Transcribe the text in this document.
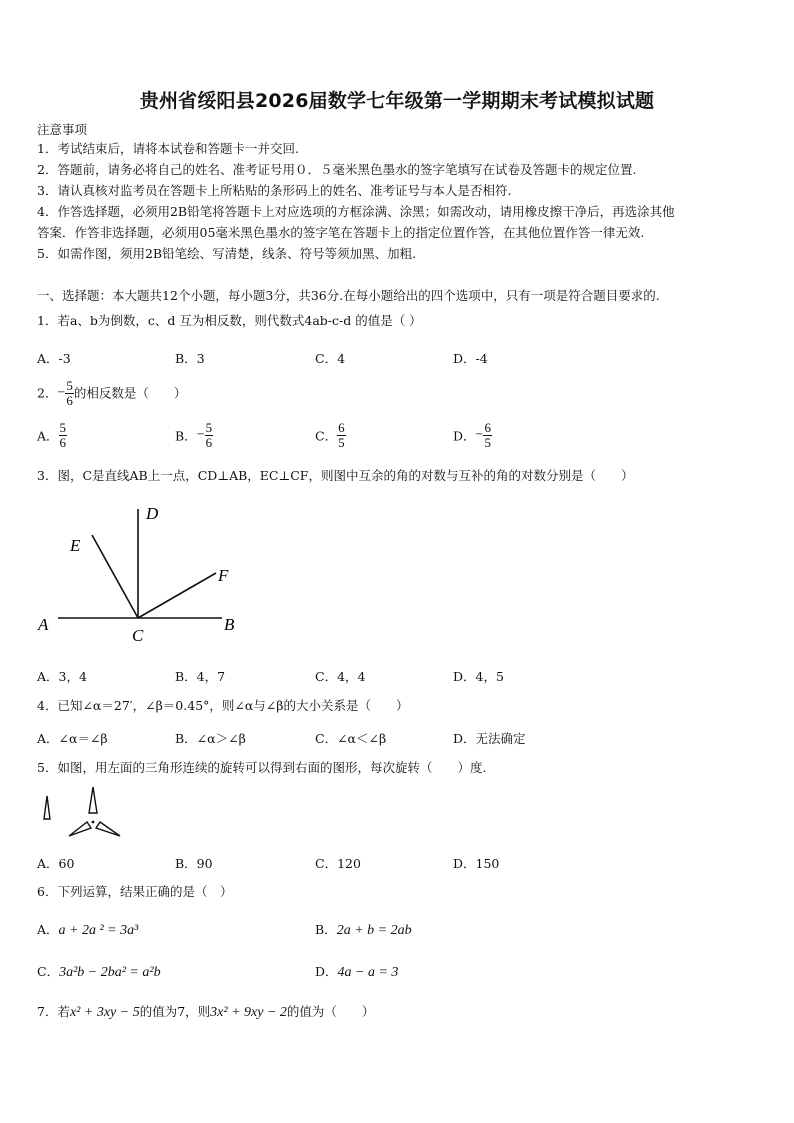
贵州省绥阳县2026届数学七年级第一学期期末考试模拟试题
注意事项
1．考试结束后，请将本试卷和答题卡一并交回.
2．答题前，请务必将自己的姓名、准考证号用０．５毫米黑色墨水的签字笔填写在试卷及答题卡的规定位置.
3．请认真核对监考员在答题卡上所粘贴的条形码上的姓名、准考证号与本人是否相符.
4．作答选择题，必须用2B铅笔将答题卡上对应选项的方框涂满、涂黑；如需改动，请用橡皮擦干净后，再选涂其他
答案．作答非选择题，必须用05毫米黑色墨水的签字笔在答题卡上的指定位置作答，在其他位置作答一律无效.
5．如需作图，须用2B铅笔绘、写清楚，线条、符号等须加黑、加粗.
一、选择题：本大题共12个小题，每小题3分，共36分.在每小题给出的四个选项中，只有一项是符合题目要求的.
1．若a、b为倒数，c、d 互为相反数，则代数式4ab-c-d 的值是（ ）
A．-3	B．3	C．4	D．-4
2．− $\frac{5}{6}$ 的相反数是（　　）
A． $\frac{5}{6}$	B．− $\frac{5}{6}$	C． $\frac{6}{5}$	D．− $\frac{6}{5}$
3．图，C是直线AB上一点，CD⊥AB，EC⊥CF，则图中互余的角的对数与互补的角的对数分别是（　　）
D
E
F
A
C
B
A．3，4	B．4，7	C．4，4	D．4，5
4．已知∠α＝27′，∠β＝0.45°，则∠α与∠β的大小关系是（　　）
A．∠α＝∠β	B．∠α＞∠β	C．∠α＜∠β	D．无法确定
5．如图，用左面的三角形连续的旋转可以得到右面的图形，每次旋转（　　）度.
A．60	B．90	C．120	D．150
6．下列运算，结果正确的是（　）
A．a + 2a ² = 3a³	B．2a + b = 2ab
C．3a²b − 2ba² = a²b	D．4a − a = 3
7．若x² + 3xy − 5的值为7，则3x² + 9xy − 2的值为（　　）
